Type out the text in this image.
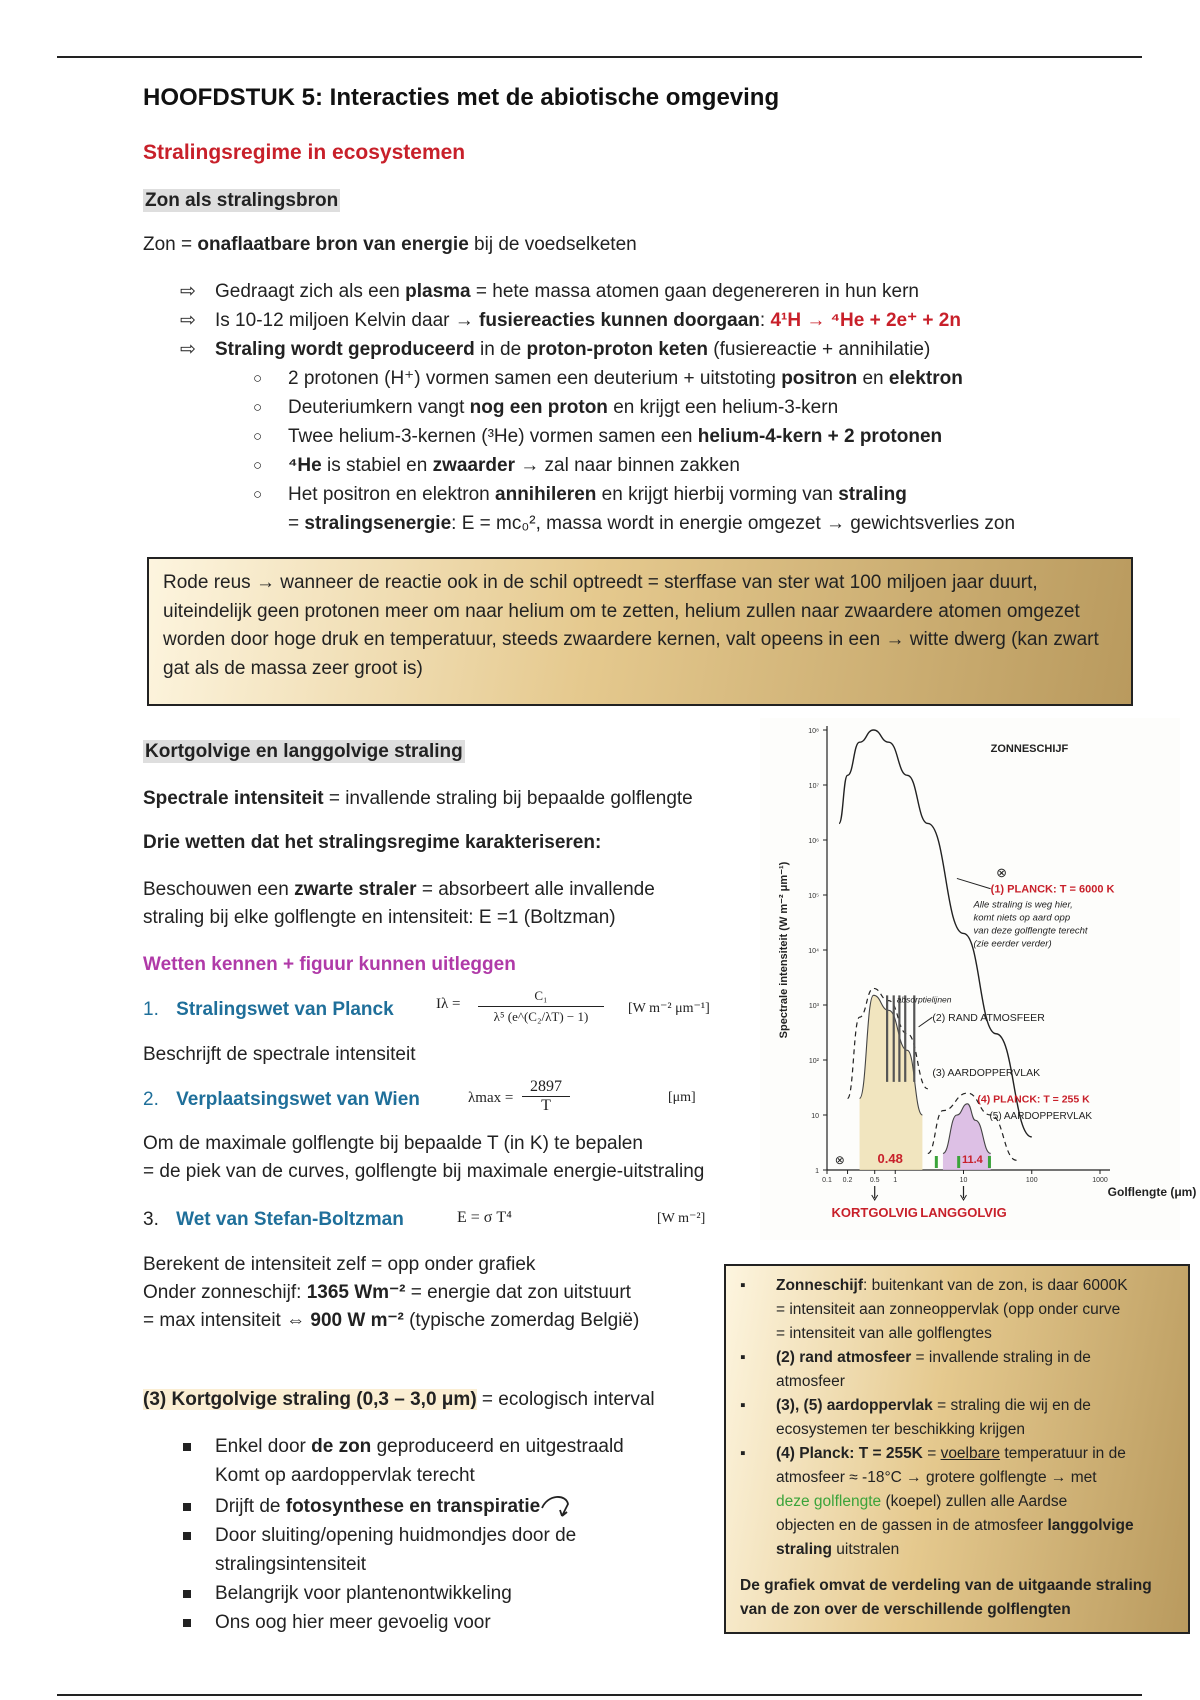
HOOFDSTUK 5: Interacties met de abiotische omgeving
Stralingsregime in ecosystemen
Zon als stralingsbron
Zon = onaflaatbare bron van energie bij de voedselketen
⇨ Gedraagt zich als een plasma = hete massa atomen gaan degenereren in hun kern
⇨ Is 10-12 miljoen Kelvin daar → fusiereacties kunnen doorgaan: 4¹H → ⁴He + 2e⁺ + 2n
⇨ Straling wordt geproduceerd in de proton-proton keten (fusiereactie + annihilatie)
○ 2 protonen (H⁺) vormen samen een deuterium + uitstoting positron en elektron
○ Deuteriumkern vangt nog een proton en krijgt een helium-3-kern
○ Twee helium-3-kernen (³He) vormen samen een helium-4-kern + 2 protonen
○ ⁴He is stabiel en zwaarder → zal naar binnen zakken
○ Het positron en elektron annihileren en krijgt hierbij vorming van straling
= stralingsenergie: E = mc₀², massa wordt in energie omgezet → gewichtsverlies zon

Rode reus → wanneer de reactie ook in de schil optreedt = sterffase van ster wat 100 miljoen jaar duurt, uiteindelijk geen protonen meer om naar helium om te zetten, helium zullen naar zwaardere atomen omgezet worden door hoge druk en temperatuur, steeds zwaardere kernen, valt opeens in een → witte dwerg (kan zwart gat als de massa zeer groot is)

Kortgolvige en langgolvige straling
Spectrale intensiteit = invallende straling bij bepaalde golflengte
Drie wetten dat het stralingsregime karakteriseren:
Beschouwen een zwarte straler = absorbeert alle invallende
straling bij elke golflengte en intensiteit: E =1 (Boltzman)
Wetten kennen + figuur kunnen uitleggen
1. Stralingswet van Planck	$I\lambda = \frac{\text{C₁}}{\text{λ⁵ (e\textasciicircum{}(C₂/λT) − 1)}} [W$ m⁻² μm⁻¹]
Beschrijft de spectrale intensiteit
2. Verplaatsingswet van Wien	$\lambda\max = \frac{2897}{T}$	[μm]
Om de maximale golflengte bij bepaalde T (in K) te bepalen
= de piek van de curves, golflengte bij maximale energie-uitstraling
3. Wet van Stefan-Boltzman	E = σ T⁴	[W m⁻²]
Berekent de intensiteit zelf = opp onder grafiek
Onder zonneschijf: 1365 Wm⁻² = energie dat zon uitstuurt
= max intensiteit ⇔ 900 W m⁻² (typische zomerdag België)
(3) Kortgolvige straling (0,3 – 3,0 μm) = ecologisch interval
Enkel door de zon geproduceerd en uitgestraald
Komt op aardoppervlak terecht
Drijft de fotosynthese en transpiratie
Door sluiting/opening huidmondjes door de
stralingsintensiteit
Belangrijk voor plantenontwikkeling
Ons oog hier meer gevoelig voor
▪ Zonneschijf: buitenkant van de zon, is daar 6000K
= intensiteit aan zonneoppervlak (opp onder curve
= intensiteit van alle golflengtes
▪ (2) rand atmosfeer = invallende straling in de
atmosfeer
▪ (3), (5) aardoppervlak = straling die wij en de
ecosystemen ter beschikking krijgen
▪ (4) Planck: T = 255K = voelbare temperatuur in de
atmosfeer ≈ -18°C → grotere golflengte → met
deze golflengte (koepel) zullen alle Aardse
objecten en de gassen in de atmosfeer langgolvige
straling uitstralen
De grafiek omvat de verdeling van de uitgaande straling van de zon over de verschillende golflengten
1
10
10²
10³
10⁴
10⁵
10⁶
10⁷
10⁸
0.1 0.2 0.5 1	10	100	1000
Spectrale intensiteit (W m⁻² μm⁻¹)
Golflengte (μm)
ZONNESCHIJF
(1) PLANCK: T = 6000 K
(2) RAND ATMOSFEER
(3) AARDOPPERVLAK
(4) PLANCK: T = 255 K
(5) AARDOPPERVLAK
0.48	11.4
⊗
⊗
Alle straling is weg hier,
komt niets op aard opp
van deze golflengte terecht
(zie eerder verder)
absorptielijnen
KORTGOLVIG LANGGOLVIG
